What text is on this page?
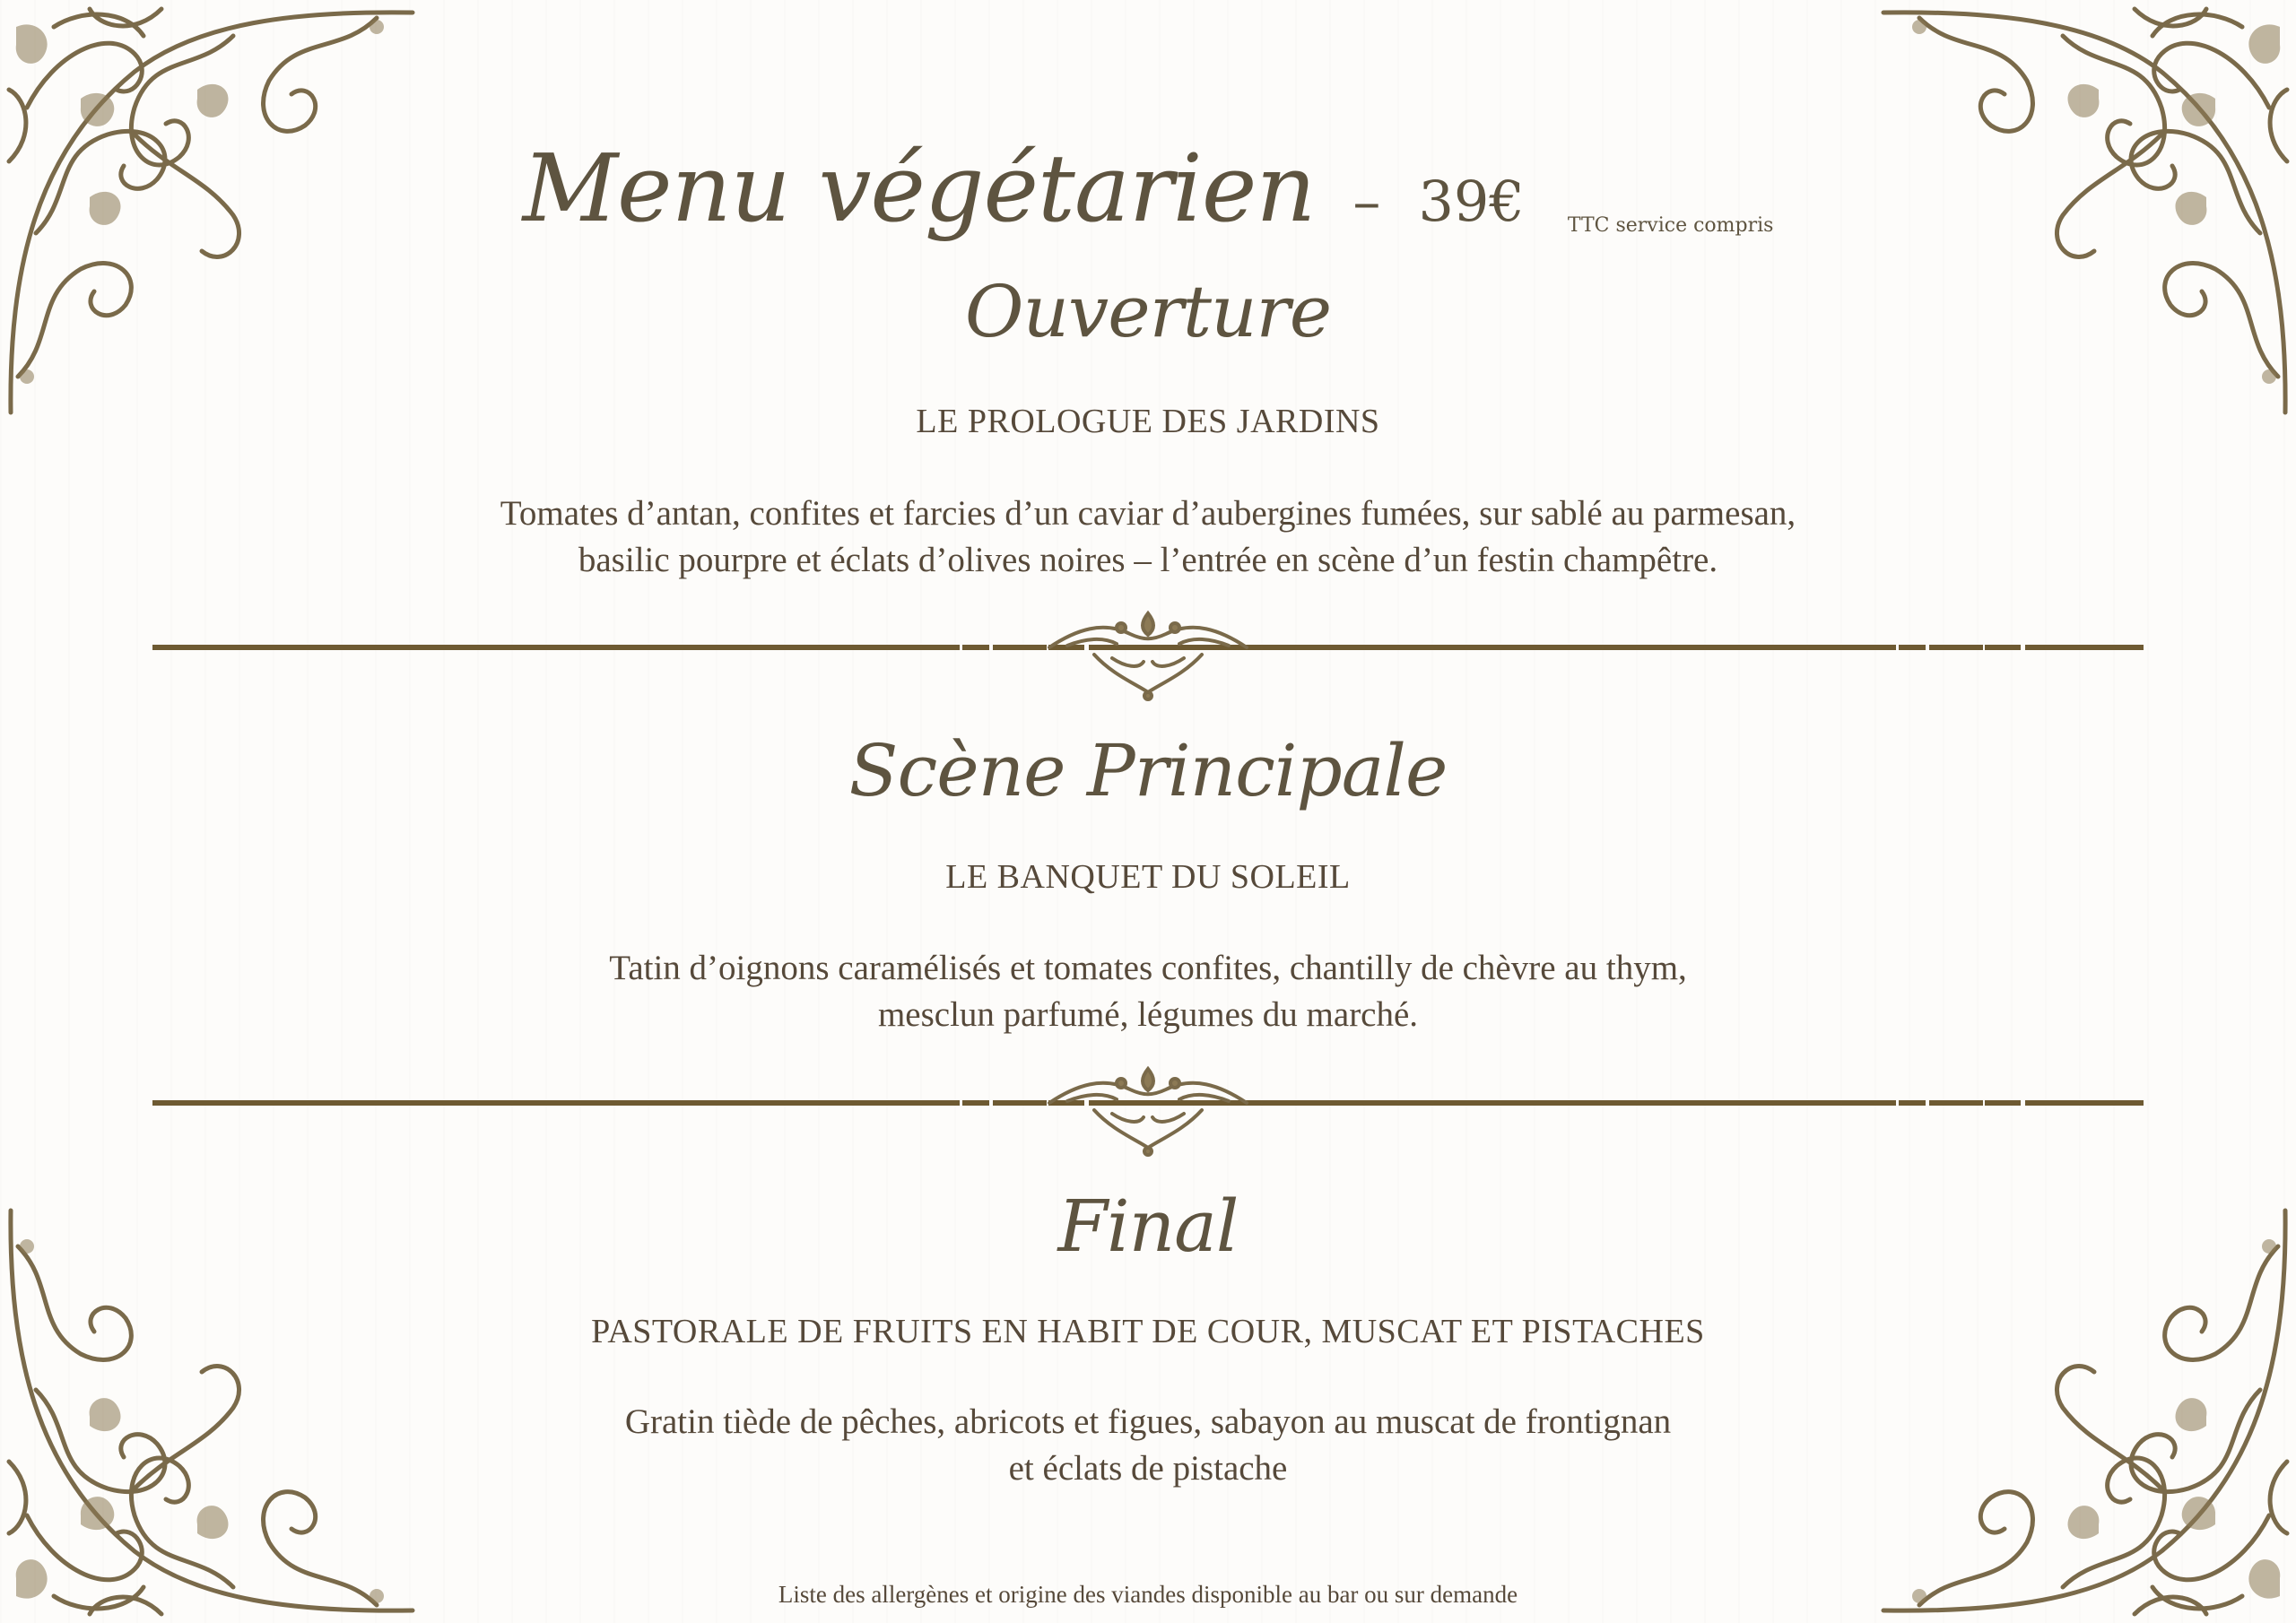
Menu végétarien – 39€ $^{TTC service compris}$
Ouverture
LE PROLOGUE DES JARDINS
Tomates d’antan, confites et farcies d’un caviar d’aubergines fumées, sur sablé au parmesan,
basilic pourpre et éclats d’olives noires – l’entrée en scène d’un festin champêtre.
Scène Principale
LE BANQUET DU SOLEIL
Tatin d’oignons caramélisés et tomates confites, chantilly de chèvre au thym,
mesclun parfumé, légumes du marché.
Final
PASTORALE DE FRUITS EN HABIT DE COUR, MUSCAT ET PISTACHES
Gratin tiède de pêches, abricots et figues, sabayon au muscat de frontignan
et éclats de pistache
Liste des allergènes et origine des viandes disponible au bar ou sur demande
